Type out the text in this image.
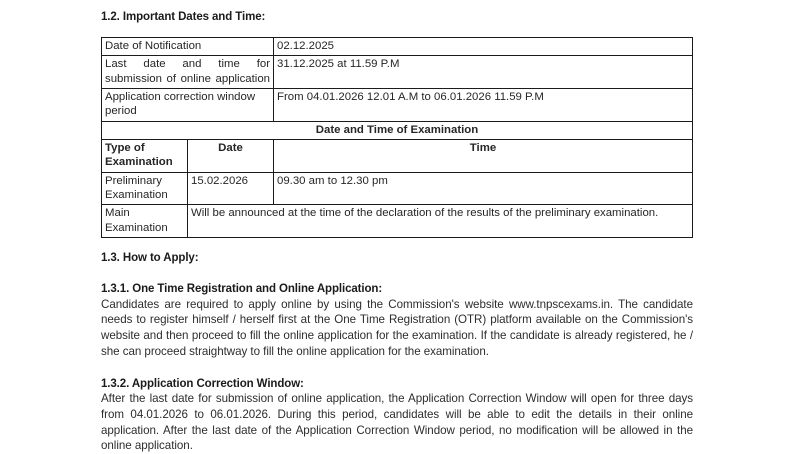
1.2. Important Dates and Time:
Date of Notification		02.12.2025
Last date and time for submission of online application		31.12.2025 at 11.59 P.M
Application correction window period		From 04.01.2026 12.01 A.M to 06.01.2026 11.59 P.M
Date and Time of Examination		
Type of Examination	Date	Time
Preliminary Examination	15.02.2026	09.30 am to 12.30 pm
Main Examination	Will be announced at the time of the declaration of the results of the preliminary examination.	
1.3. How to Apply:
1.3.1. One Time Registration and Online Application:

Candidates are required to apply online by using the Commission's website www.tnpscexams.in. The candidate needs to register himself / herself first at the One Time Registration (OTR) platform available on the Commission's website and then proceed to fill the online application for the examination. If the candidate is already registered, he / she can proceed straightway to fill the online application for the examination.

1.3.2. Application Correction Window:

After the last date for submission of online application, the Application Correction Window will open for three days from 04.01.2026 to 06.01.2026. During this period, candidates will be able to edit the details in their online application. After the last date of the Application Correction Window period, no modification will be allowed in the online application.
